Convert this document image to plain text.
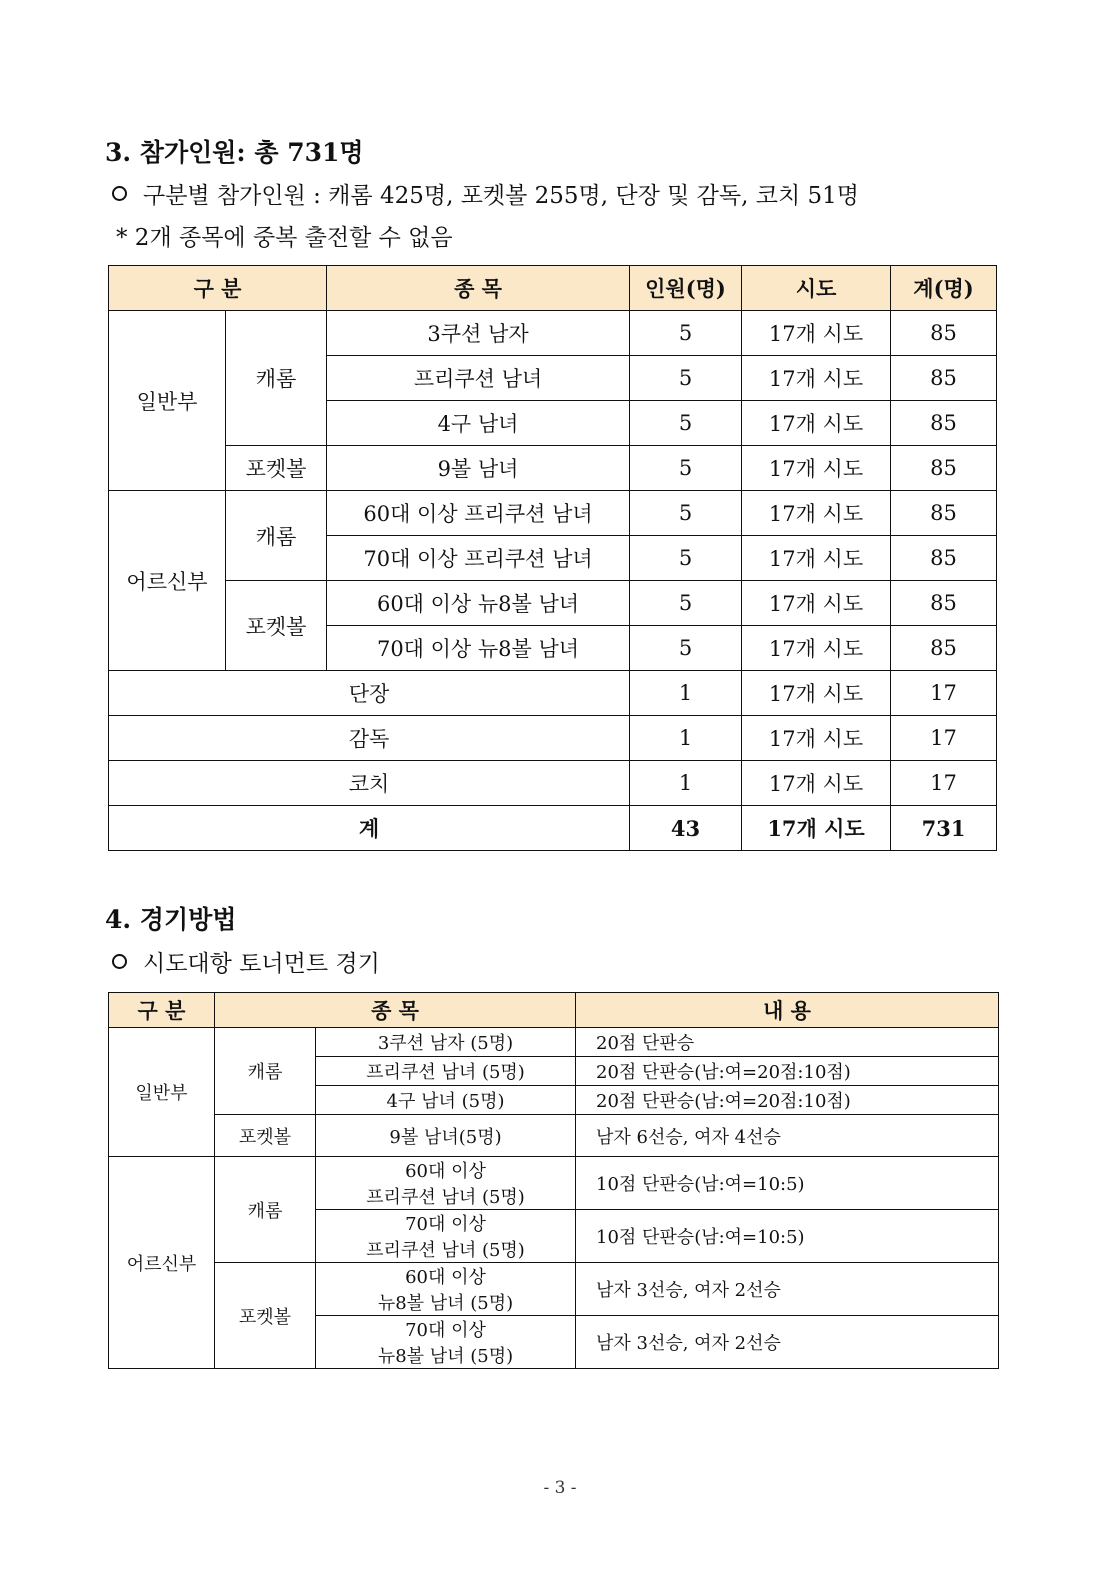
3. 참가인원: 총 731명

구분별 참가인원 : 캐롬 425명, 포켓볼 255명, 단장 및 감독, 코치 51명

* 2개 종목에 중복 출전할 수 없음

구 분		종 목	인원(명)	시도	계(명)
일반부	캐롬	3쿠션 남자	5	17개 시도	85
		프리쿠션 남녀	5	17개 시도	85
		4구 남녀	5	17개 시도	85
	포켓볼	9볼 남녀	5	17개 시도	85
어르신부	캐롬	60대 이상 프리쿠션 남녀	5	17개 시도	85
		70대 이상 프리쿠션 남녀	5	17개 시도	85
	포켓볼	60대 이상 뉴8볼 남녀	5	17개 시도	85
		70대 이상 뉴8볼 남녀	5	17개 시도	85
단장			1	17개 시도	17
감독			1	17개 시도	17
코치			1	17개 시도	17
계			43	17개 시도	731
4. 경기방법

시도대항 토너먼트 경기

구 분	종 목		내 용
일반부	캐롬	3쿠션 남자 (5명)	20점 단판승
		프리쿠션 남녀 (5명)	20점 단판승(남:여=20점:10점)
		4구 남녀 (5명)	20점 단판승(남:여=20점:10점)
	포켓볼	9볼 남녀(5명)	남자 6선승, 여자 4선승
어르신부	캐롬	60대 이상
프리쿠션 남녀 (5명)	10점 단판승(남:여=10:5)
		70대 이상
프리쿠션 남녀 (5명)	10점 단판승(남:여=10:5)
	포켓볼	60대 이상
뉴8볼 남녀 (5명)	남자 3선승, 여자 2선승
		70대 이상
뉴8볼 남녀 (5명)	남자 3선승, 여자 2선승
- 3 -
